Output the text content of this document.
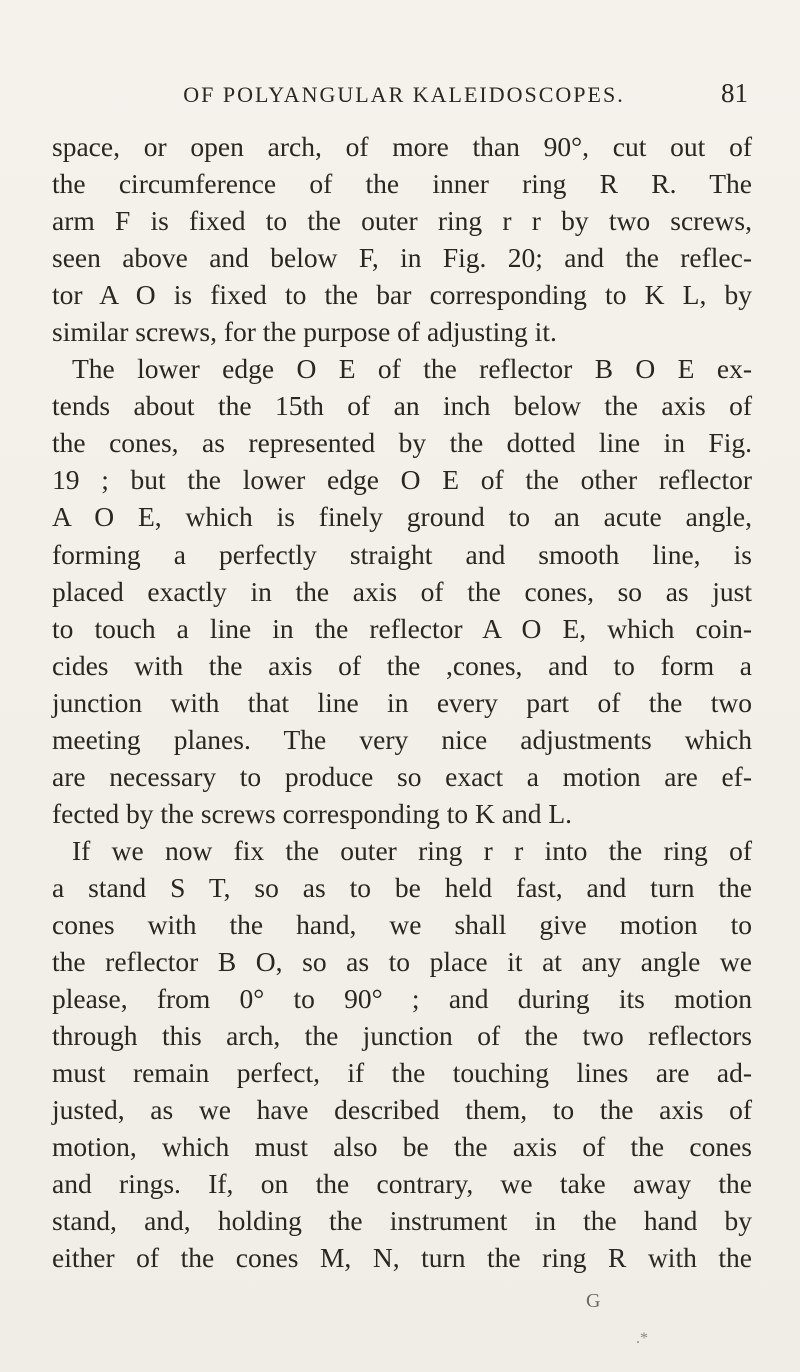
OF POLYANGULAR KALEIDOSCOPES.	81
space, or open arch, of more than 90°, cut out of
the circumference of the inner ring R R. The
arm F is fixed to the outer ring r r by two screws,
seen above and below F, in Fig. 20; and the reflec-
tor A O is fixed to the bar corresponding to K L, by
similar screws, for the purpose of adjusting it.
The lower edge O E of the reflector B O E ex-
tends about the 15th of an inch below the axis of
the cones, as represented by the dotted line in Fig.
19 ; but the lower edge O E of the other reflector
A O E, which is finely ground to an acute angle,
forming a perfectly straight and smooth line, is
placed exactly in the axis of the cones, so as just
to touch a line in the reflector A O E, which coin-
cides with the axis of the ,cones, and to form a
junction with that line in every part of the two
meeting planes. The very nice adjustments which
are necessary to produce so exact a motion are ef-
fected by the screws corresponding to K and L.
If we now fix the outer ring r r into the ring of
a stand S T, so as to be held fast, and turn the
cones with the hand, we shall give motion to
the reflector B O, so as to place it at any angle we
please, from 0° to 90° ; and during its motion
through this arch, the junction of the two reflectors
must remain perfect, if the touching lines are ad-
justed, as we have described them, to the axis of
motion, which must also be the axis of the cones
and rings. If, on the contrary, we take away the
stand, and, holding the instrument in the hand by
either of the cones M, N, turn the ring R with the
G
.*
